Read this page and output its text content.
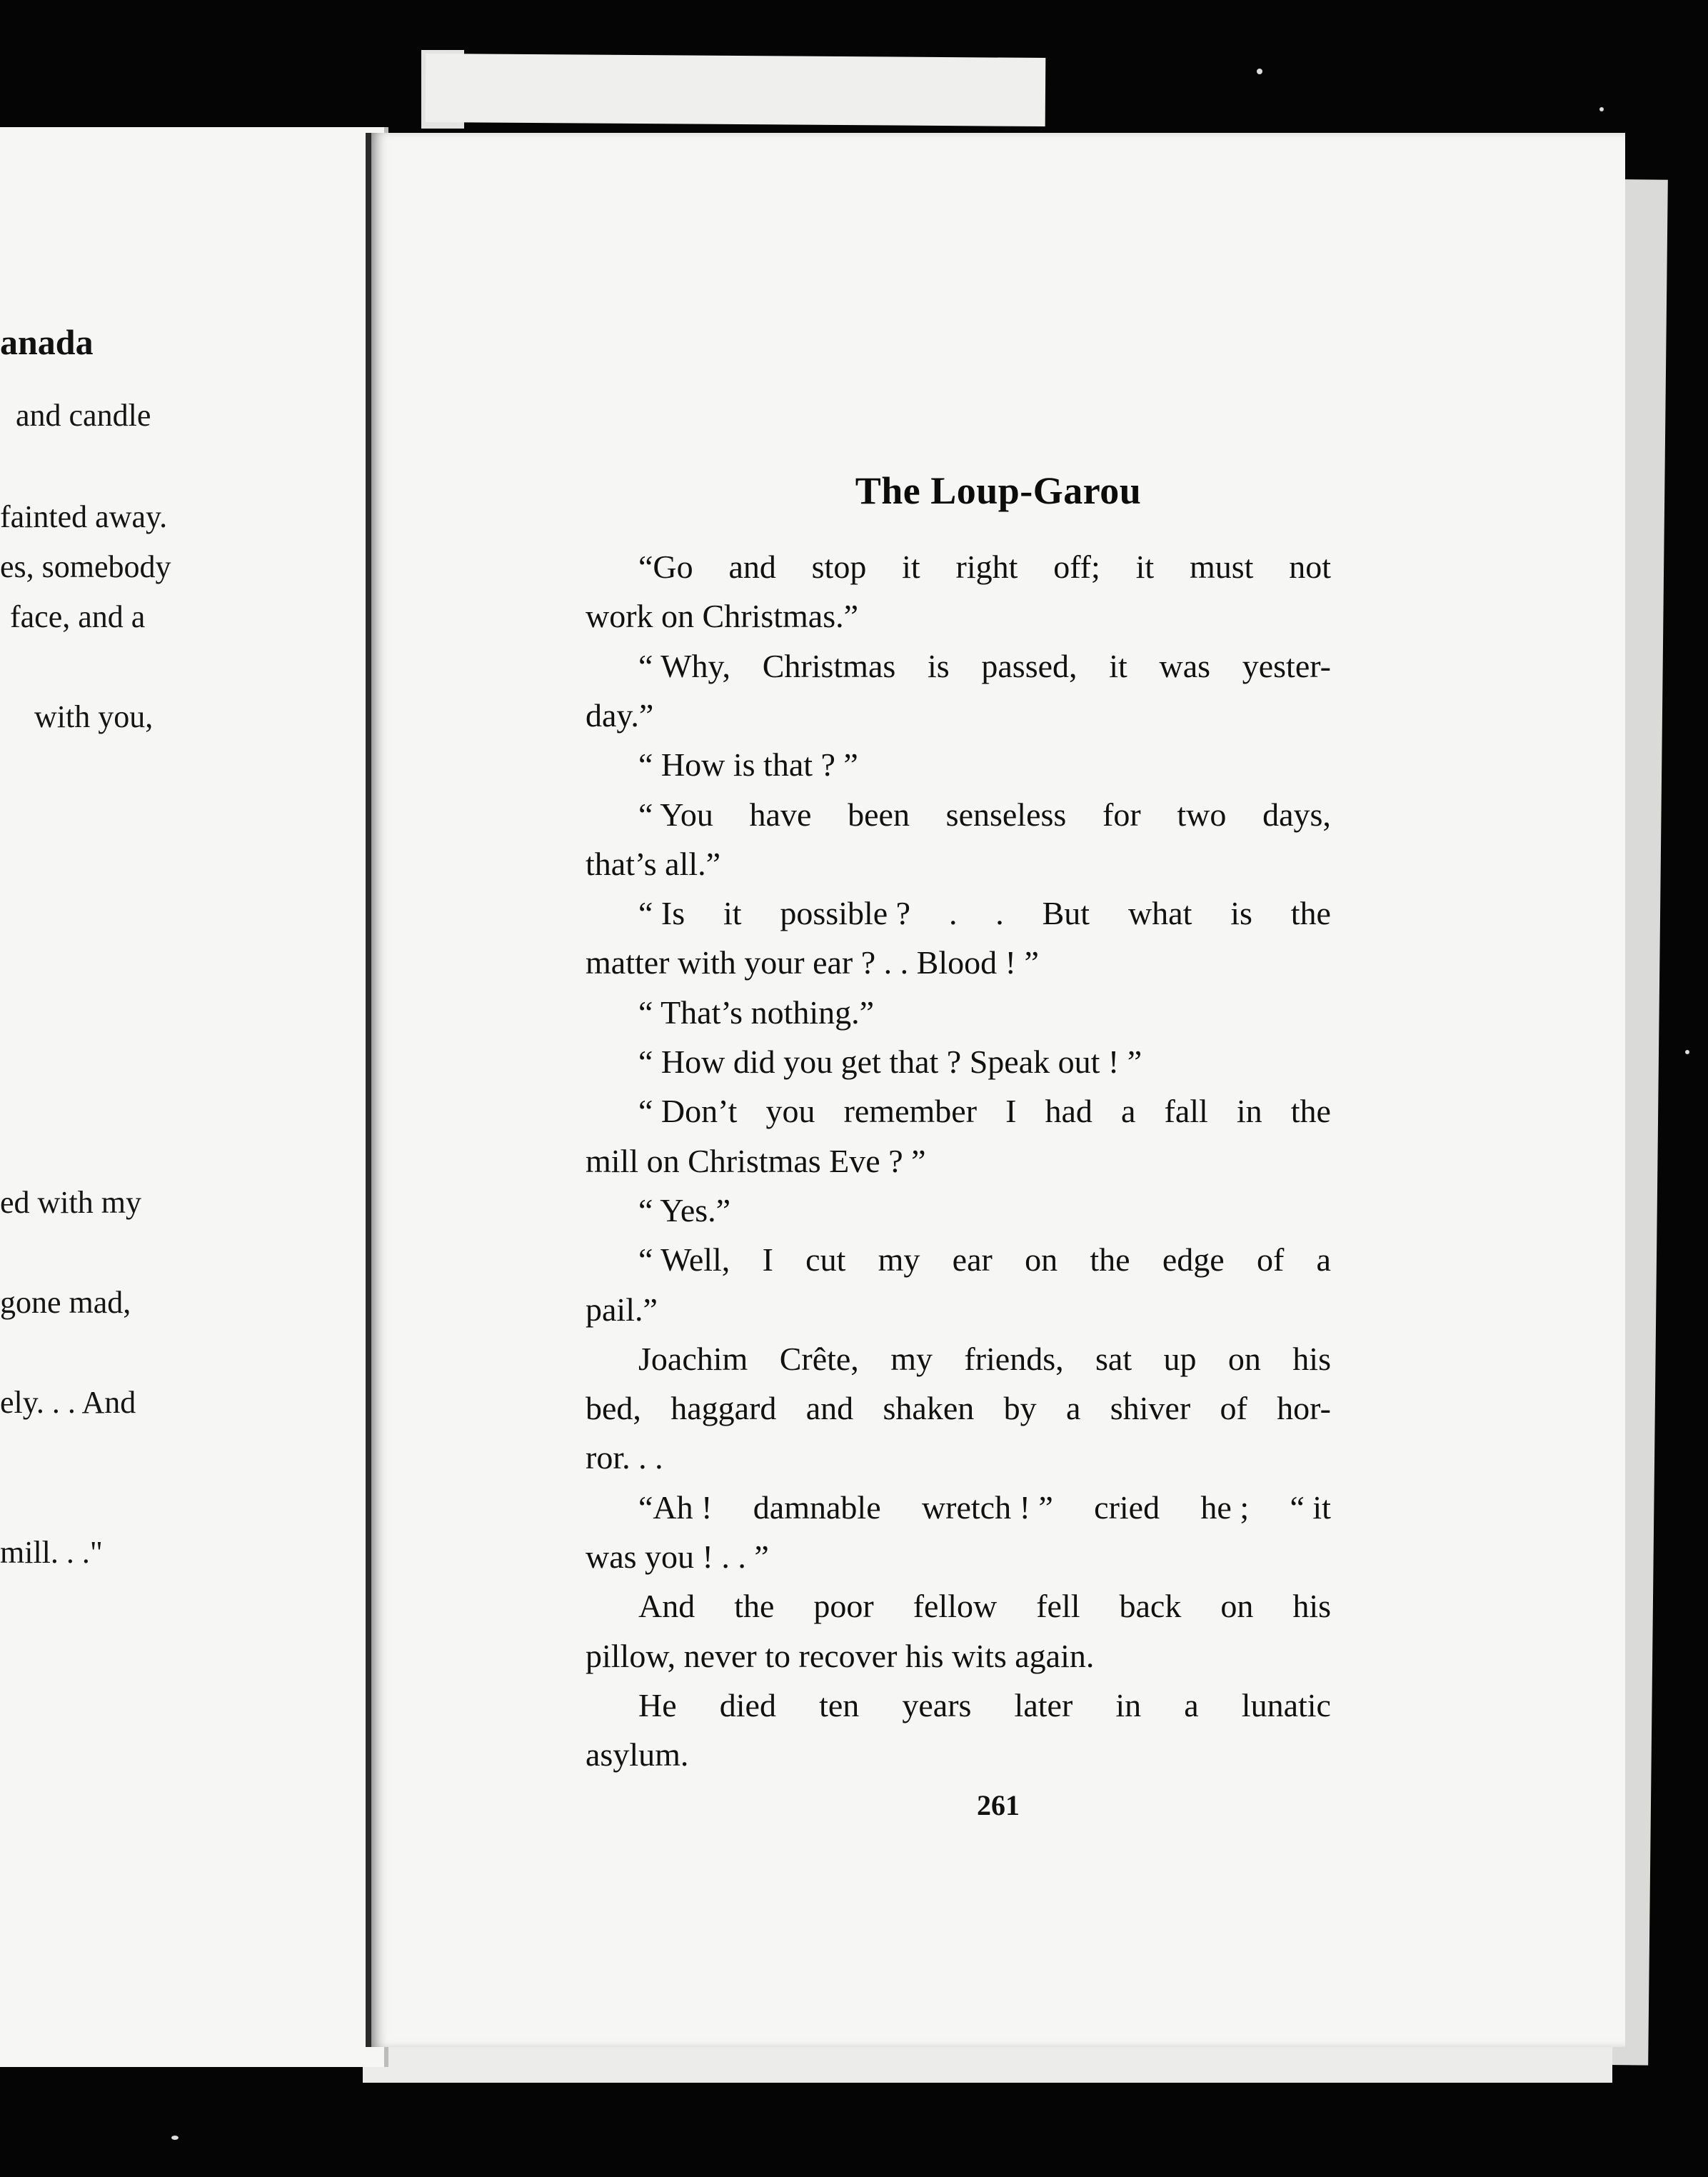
anada
and candle
fainted away.
es, somebody
face, and a
with you,
ed with my
gone mad,
ely. . . And
mill. . ."
The Loup-Garou
“Go and stop it right off; it must not
work on Christmas.”
“ Why, Christmas is passed, it was yester-
day.”
“ How is that ? ”
“ You have been senseless for two days,
that’s all.”
“ Is it possible ? . . But what is the
matter with your ear ? . . Blood ! ”
“ That’s nothing.”
“ How did you get that ? Speak out ! ”
“ Don’t you remember I had a fall in the
mill on Christmas Eve ? ”
“ Yes.”
“ Well, I cut my ear on the edge of a
pail.”
Joachim Crête, my friends, sat up on his
bed, haggard and shaken by a shiver of hor-
ror. . .
“Ah ! damnable wretch ! ” cried he ; “ it
was you ! . . ”
And the poor fellow fell back on his
pillow, never to recover his wits again.
He died ten years later in a lunatic
asylum.
261
